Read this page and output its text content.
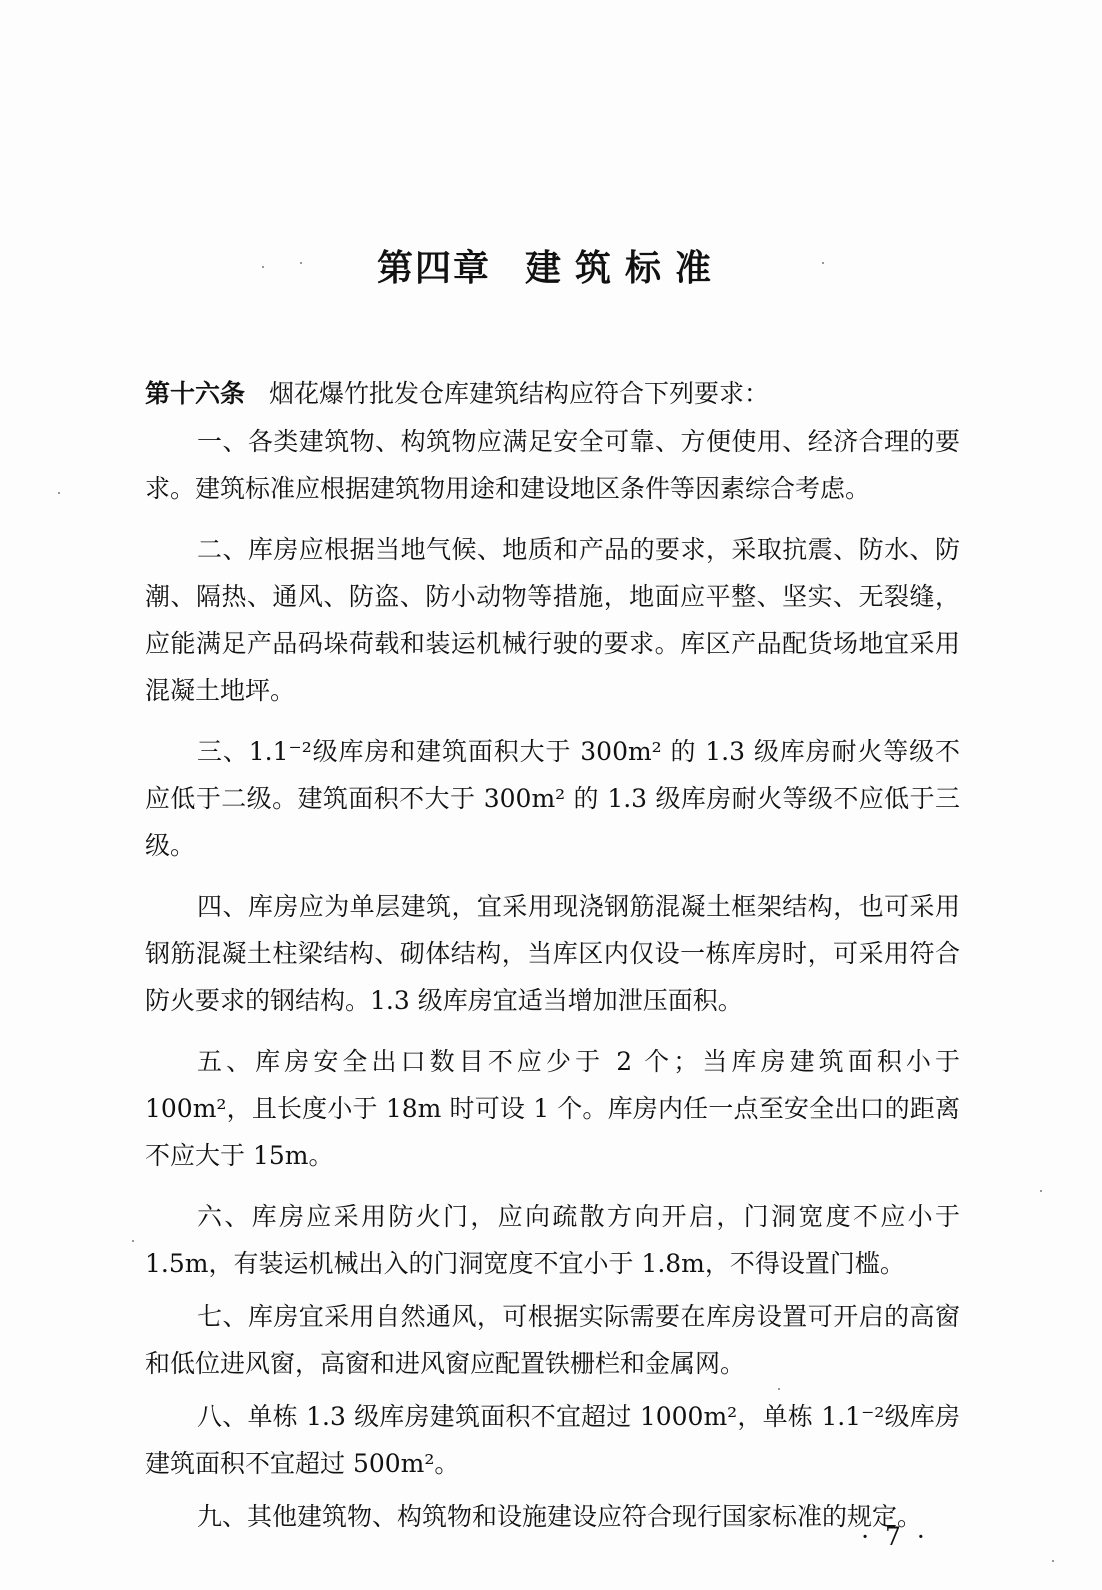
第四章 建筑标准

第十六条 烟花爆竹批发仓库建筑结构应符合下列要求：

一、各类建筑物、构筑物应满足安全可靠、方便使用、经济合理的要求。建筑标准应根据建筑物用途和建设地区条件等因素综合考虑。

二、库房应根据当地气候、地质和产品的要求，采取抗震、防水、防潮、隔热、通风、防盗、防小动物等措施，地面应平整、坚实、无裂缝，应能满足产品码垛荷载和装运机械行驶的要求。库区产品配货场地宜采用混凝土地坪。

三、1.1⁻²级库房和建筑面积大于 300m² 的 1.3 级库房耐火等级不应低于二级。建筑面积不大于 300m² 的 1.3 级库房耐火等级不应低于三级。

四、库房应为单层建筑，宜采用现浇钢筋混凝土框架结构，也可采用钢筋混凝土柱梁结构、砌体结构，当库区内仅设一栋库房时，可采用符合防火要求的钢结构。1.3 级库房宜适当增加泄压面积。

五、库房安全出口数目不应少于 2 个；当库房建筑面积小于 100m²，且长度小于 18m 时可设 1 个。库房内任一点至安全出口的距离不应大于 15m。

六、库房应采用防火门，应向疏散方向开启，门洞宽度不应小于 1.5m，有装运机械出入的门洞宽度不宜小于 1.8m，不得设置门槛。

七、库房宜采用自然通风，可根据实际需要在库房设置可开启的高窗和低位进风窗，高窗和进风窗应配置铁栅栏和金属网。

八、单栋 1.3 级库房建筑面积不宜超过 1000m²，单栋 1.1⁻²级库房建筑面积不宜超过 500m²。

九、其他建筑物、构筑物和设施建设应符合现行国家标准的规定。

· 7 ·
